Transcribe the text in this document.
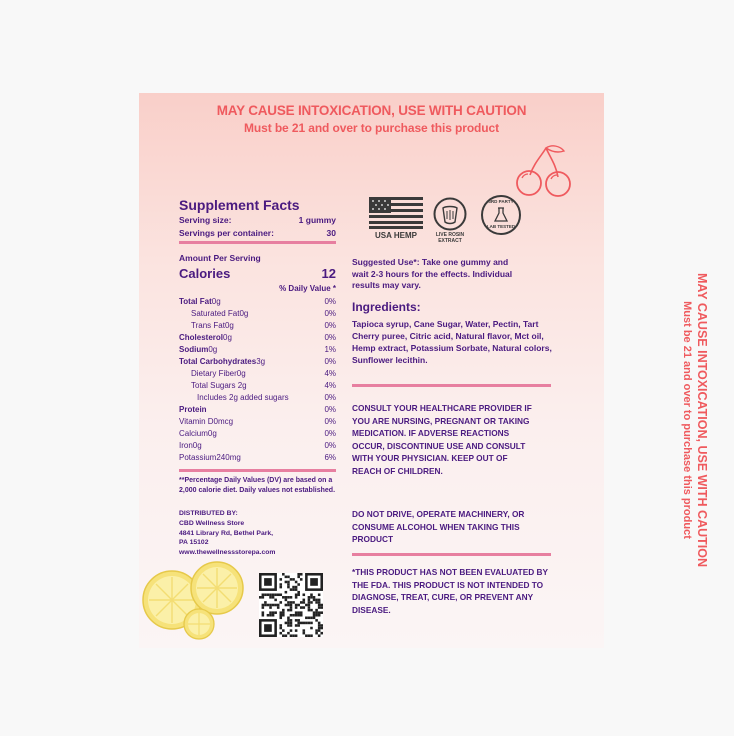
MAY CAUSE INTOXICATION, USE WITH CAUTION
Must be 21 and over to purchase this product
MAY CAUSE INTOXICATION, USE WITH CAUTION
Must be 21 and over to purchase this product
Supplement Facts
Serving size:	1 gummy
Servings per container:	30
Amount Per Serving
Calories	12
% Daily Value *
Total Fat0g	0%
Saturated Fat0g	0%
Trans Fat0g	0%
Cholesterol0g	0%
Sodium0g	1%
Total Carbohydrates3g	0%
Dietary Fiber0g	4%
Total Sugars 2g	4%
Includes 2g added sugars	0%
Protein	0%
Vitamin D0mcg	0%
Calcium0g	0%
Iron0g	0%
Potassium240mg	6%
**Percentage Daily Values (DV) are based on a 2,000 calorie diet. Daily values not established.
DISTRIBUTED BY:
CBD Wellness Store
4841 Library Rd, Bethel Park,
PA 15102
www.thewellnessstorepa.com
USA HEMP	LIVE ROSIN
EXTRACT
3RD PARTY
LAB TESTED
Suggested Use*: Take one gummy and wait 2-3 hours for the effects. Individual results may vary.
Ingredients:
Tapioca syrup, Cane Sugar, Water, Pectin, Tart Cherry puree, Citric acid, Natural flavor, Mct oil, Hemp extract, Potassium Sorbate, Natural colors, Sunflower lecithin.
CONSULT YOUR HEALTHCARE PROVIDER IF YOU ARE NURSING, PREGNANT OR TAKING MEDICATION. IF ADVERSE REACTIONS OCCUR, DISCONTINUE USE AND CONSULT WITH YOUR PHYSICIAN. KEEP OUT OF REACH OF CHILDREN.
DO NOT DRIVE, OPERATE MACHINERY, OR CONSUME ALCOHOL WHEN TAKING THIS PRODUCT
*THIS PRODUCT HAS NOT BEEN EVALUATED BY THE FDA. THIS PRODUCT IS NOT INTENDED TO DIAGNOSE, TREAT, CURE, OR PREVENT ANY DISEASE.
